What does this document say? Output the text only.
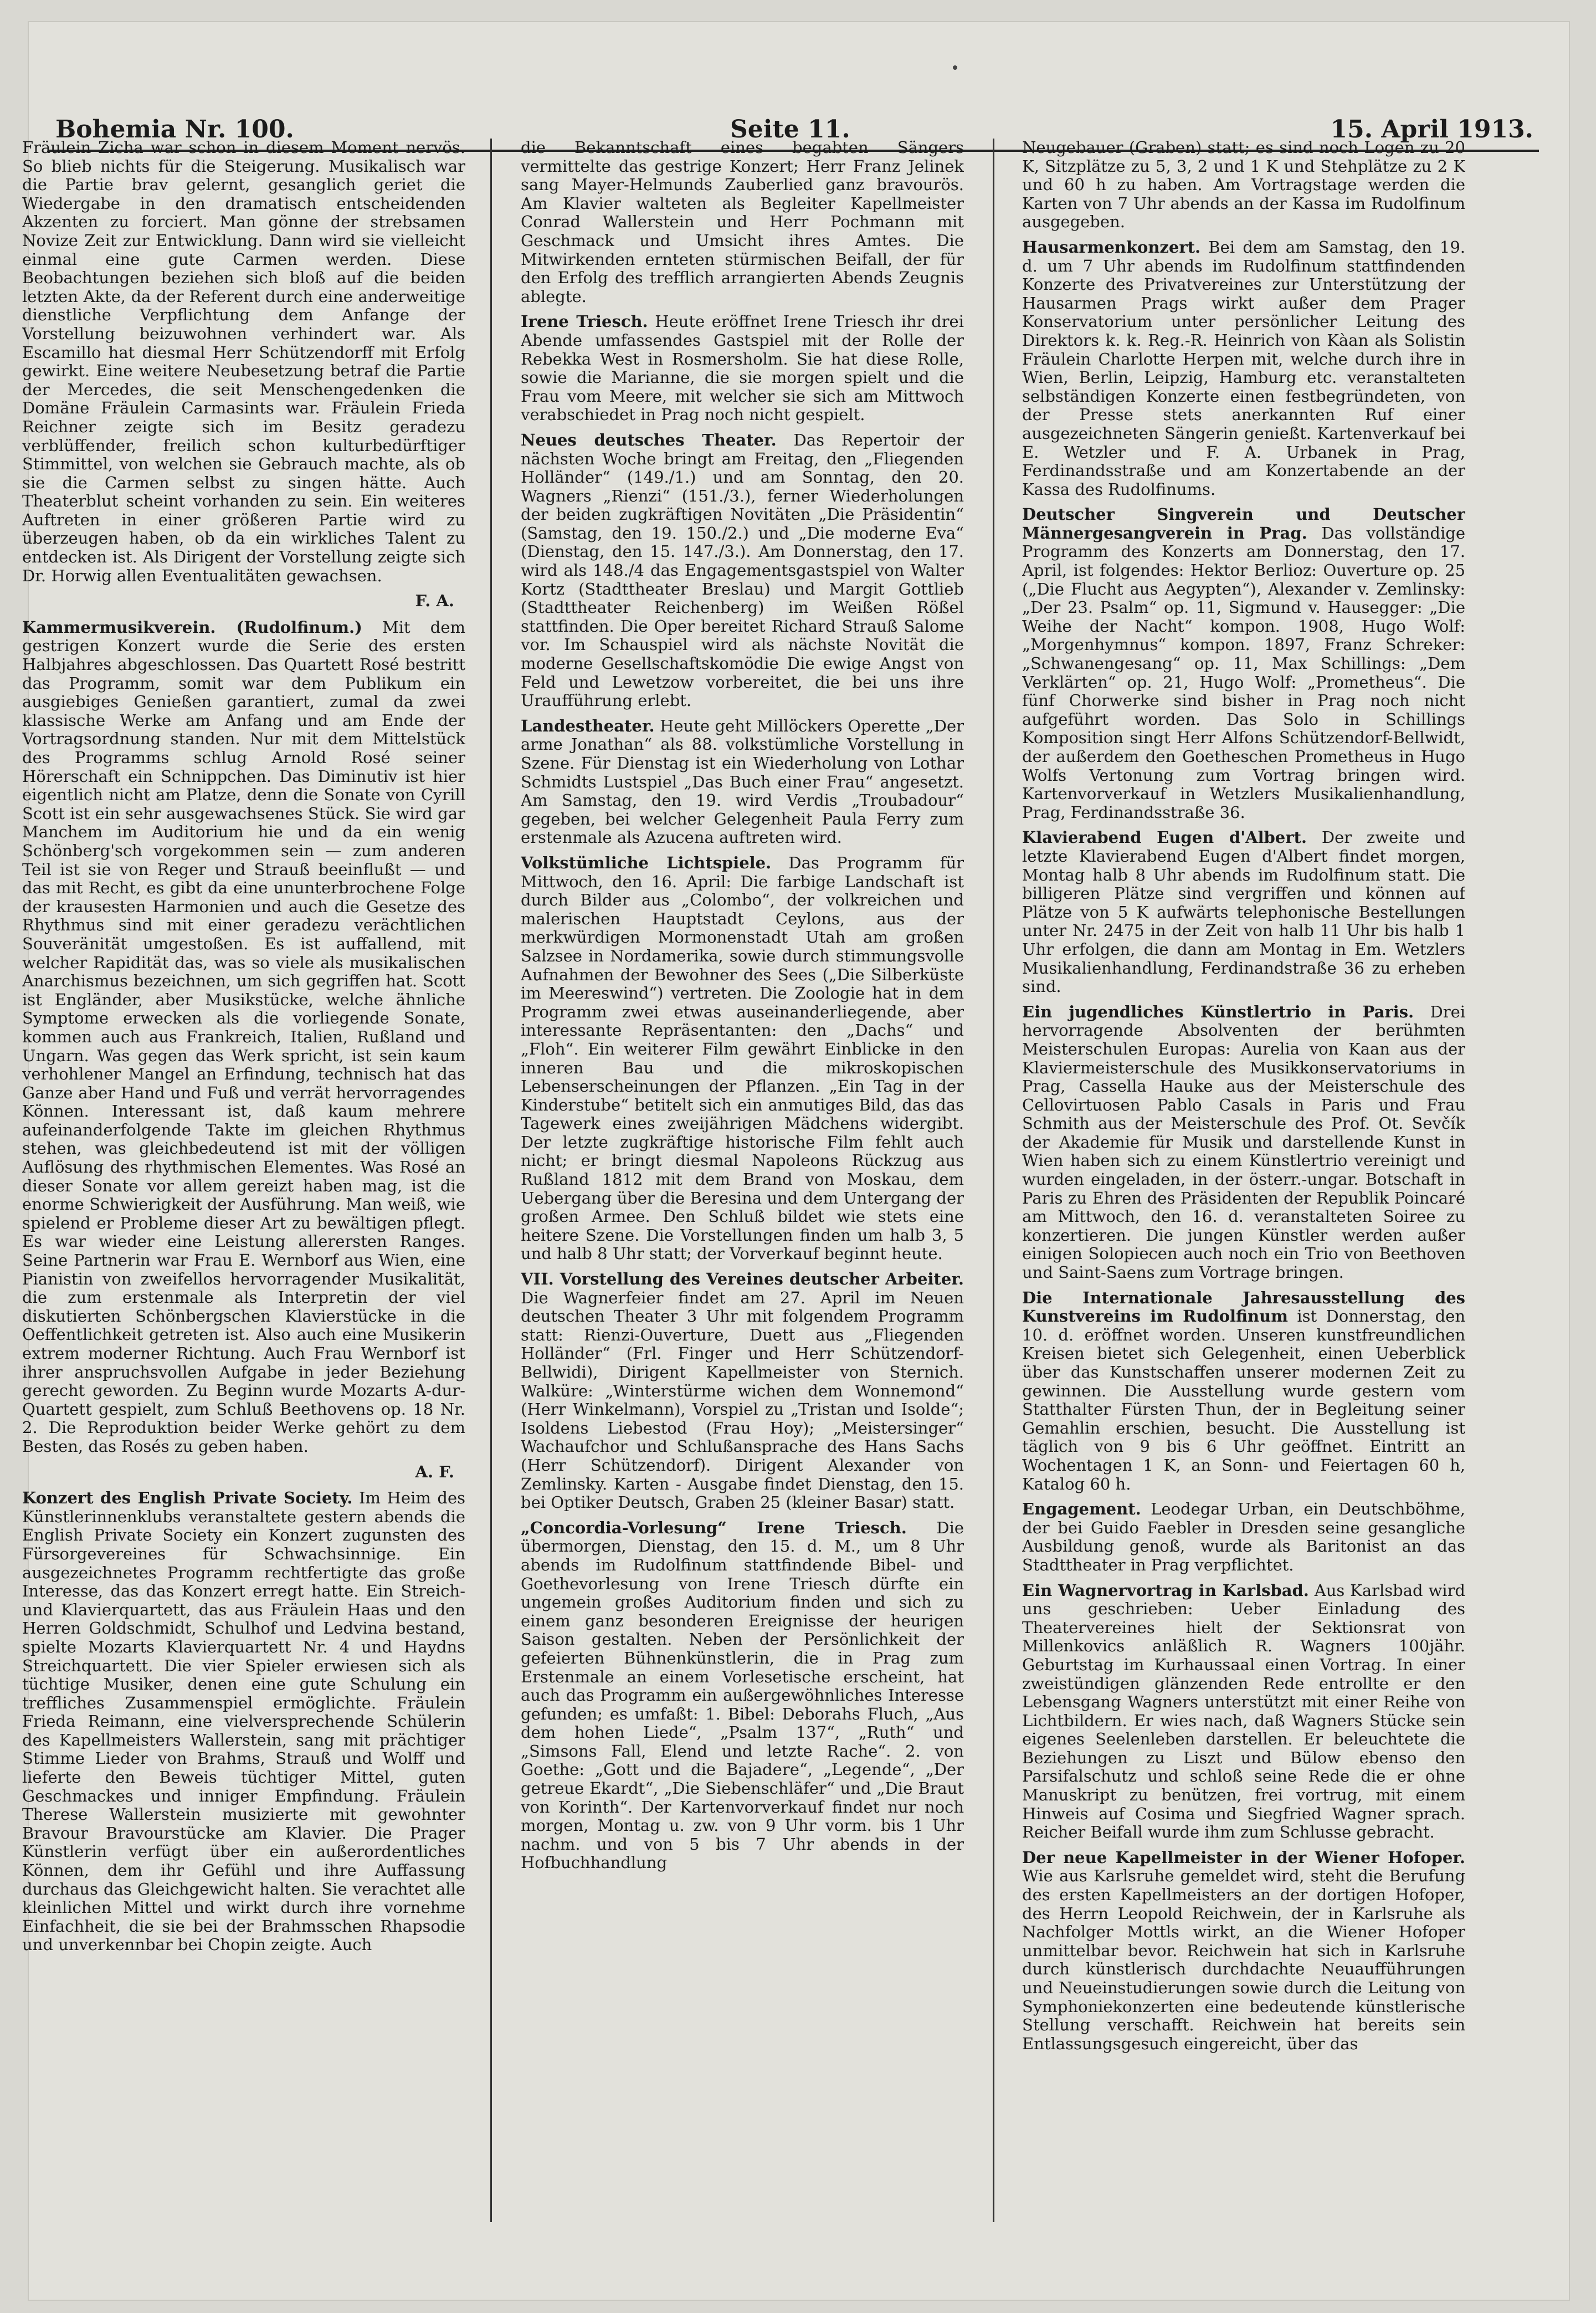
Bohemia Nr. 100.	Seite 11.	15. April 1913.

Fräulein Zicha war schon in diesem Moment nervös. So blieb nichts für die Steigerung. Musikalisch war die Partie brav gelernt, gesanglich geriet die Wiedergabe in den dramatisch entscheidenden Akzenten zu forciert. Man gönne der strebsamen Novize Zeit zur Entwicklung. Dann wird sie vielleicht einmal eine gute Carmen werden. Diese Beobachtungen beziehen sich bloß auf die beiden letzten Akte, da der Referent durch eine anderweitige dienstliche Verpflichtung dem Anfange der Vorstellung beizuwohnen verhindert war. Als Escamillo hat diesmal Herr Schützendorff mit Erfolg gewirkt. Eine weitere Neubesetzung betraf die Partie der Mercedes, die seit Menschengedenken die Domäne Fräulein Carmasints war. Fräulein Frieda Reichner zeigte sich im Besitz geradezu verblüffender, freilich schon kulturbedürftiger Stimmittel, von welchen sie Gebrauch machte, als ob sie die Carmen selbst zu singen hätte. Auch Theaterblut scheint vorhanden zu sein. Ein weiteres Auftreten in einer größeren Partie wird zu überzeugen haben, ob da ein wirkliches Talent zu entdecken ist. Als Dirigent der Vorstellung zeigte sich Dr. Horwig allen Eventualitäten gewachsen.

F. A.

Kammermusikverein. (Rudolfinum.) Mit dem gestrigen Konzert wurde die Serie des ersten Halbjahres abgeschlossen. Das Quartett Rosé bestritt das Programm, somit war dem Publikum ein ausgiebiges Genießen garantiert, zumal da zwei klassische Werke am Anfang und am Ende der Vortragsordnung standen. Nur mit dem Mittelstück des Programms schlug Arnold Rosé seiner Hörerschaft ein Schnippchen. Das Diminutiv ist hier eigentlich nicht am Platze, denn die Sonate von Cyrill Scott ist ein sehr ausgewachsenes Stück. Sie wird gar Manchem im Auditorium hie und da ein wenig Schönberg'sch vorgekommen sein — zum anderen Teil ist sie von Reger und Strauß beeinflußt — und das mit Recht, es gibt da eine ununterbrochene Folge der krausesten Harmonien und auch die Gesetze des Rhythmus sind mit einer geradezu verächtlichen Souveränität umgestoßen. Es ist auffallend, mit welcher Rapidität das, was so viele als musikalischen Anarchismus bezeichnen, um sich gegriffen hat. Scott ist Engländer, aber Musikstücke, welche ähnliche Symptome erwecken als die vorliegende Sonate, kommen auch aus Frankreich, Italien, Rußland und Ungarn. Was gegen das Werk spricht, ist sein kaum verhohlener Mangel an Erfindung, technisch hat das Ganze aber Hand und Fuß und verrät hervorragendes Können. Interessant ist, daß kaum mehrere aufeinanderfolgende Takte im gleichen Rhythmus stehen, was gleichbedeutend ist mit der völligen Auflösung des rhythmischen Elementes. Was Rosé an dieser Sonate vor allem gereizt haben mag, ist die enorme Schwierigkeit der Ausführung. Man weiß, wie spielend er Probleme dieser Art zu bewältigen pflegt. Es war wieder eine Leistung allerersten Ranges. Seine Partnerin war Frau E. Wernborf aus Wien, eine Pianistin von zweifellos hervorragender Musikalität, die zum erstenmale als Interpretin der viel diskutierten Schönbergschen Klavierstücke in die Oeffentlichkeit getreten ist. Also auch eine Musikerin extrem moderner Richtung. Auch Frau Wernborf ist ihrer anspruchsvollen Aufgabe in jeder Beziehung gerecht geworden. Zu Beginn wurde Mozarts A-dur-Quartett gespielt, zum Schluß Beethovens op. 18 Nr. 2. Die Reproduktion beider Werke gehört zu dem Besten, das Rosés zu geben haben.

A. F.

Konzert des English Private Society. Im Heim des Künstlerinnenklubs veranstaltete gestern abends die English Private Society ein Konzert zugunsten des Fürsorgevereines für Schwachsinnige. Ein ausgezeichnetes Programm rechtfertigte das große Interesse, das das Konzert erregt hatte. Ein Streich- und Klavierquartett, das aus Fräulein Haas und den Herren Goldschmidt, Schulhof und Ledvina bestand, spielte Mozarts Klavierquartett Nr. 4 und Haydns Streichquartett. Die vier Spieler erwiesen sich als tüchtige Musiker, denen eine gute Schulung ein treffliches Zusammenspiel ermöglichte. Fräulein Frieda Reimann, eine vielversprechende Schülerin des Kapellmeisters Wallerstein, sang mit prächtiger Stimme Lieder von Brahms, Strauß und Wolff und lieferte den Beweis tüchtiger Mittel, guten Geschmackes und inniger Empfindung. Fräulein Therese Wallerstein musizierte mit gewohnter Bravour Bravourstücke am Klavier. Die Prager Künstlerin verfügt über ein außerordentliches Können, dem ihr Gefühl und ihre Auffassung durchaus das Gleichgewicht halten. Sie verachtet alle kleinlichen Mittel und wirkt durch ihre vornehme Einfachheit, die sie bei der Brahmsschen Rhapsodie und unverkennbar bei Chopin zeigte. Auch

die Bekanntschaft eines begabten Sängers vermittelte das gestrige Konzert; Herr Franz Jelinek sang Mayer-Helmunds Zauberlied ganz bravourös. Am Klavier walteten als Begleiter Kapellmeister Conrad Wallerstein und Herr Pochmann mit Geschmack und Umsicht ihres Amtes. Die Mitwirkenden ernteten stürmischen Beifall, der für den Erfolg des trefflich arrangierten Abends Zeugnis ablegte.

Irene Triesch. Heute eröffnet Irene Triesch ihr drei Abende umfassendes Gastspiel mit der Rolle der Rebekka West in Rosmersholm. Sie hat diese Rolle, sowie die Marianne, die sie morgen spielt und die Frau vom Meere, mit welcher sie sich am Mittwoch verabschiedet in Prag noch nicht gespielt.

Neues deutsches Theater. Das Repertoir der nächsten Woche bringt am Freitag, den „Fliegenden Holländer“ (149./1.) und am Sonntag, den 20. Wagners „Rienzi“ (151./3.), ferner Wiederholungen der beiden zugkräftigen Novitäten „Die Präsidentin“ (Samstag, den 19. 150./2.) und „Die moderne Eva“ (Dienstag, den 15. 147./3.). Am Donnerstag, den 17. wird als 148./4 das Engagementsgastspiel von Walter Kortz (Stadttheater Breslau) und Margit Gottlieb (Stadttheater Reichenberg) im Weißen Rößel stattfinden. Die Oper bereitet Richard Strauß Salome vor. Im Schauspiel wird als nächste Novität die moderne Gesellschaftskomödie Die ewige Angst von Feld und Lewetzow vorbereitet, die bei uns ihre Uraufführung erlebt.

Landestheater. Heute geht Millöckers Operette „Der arme Jonathan“ als 88. volkstümliche Vorstellung in Szene. Für Dienstag ist ein Wiederholung von Lothar Schmidts Lustspiel „Das Buch einer Frau“ angesetzt. Am Samstag, den 19. wird Verdis „Troubadour“ gegeben, bei welcher Gelegenheit Paula Ferry zum erstenmale als Azucena auftreten wird.

Volkstümliche Lichtspiele. Das Programm für Mittwoch, den 16. April: Die farbige Landschaft ist durch Bilder aus „Colombo“, der volkreichen und malerischen Hauptstadt Ceylons, aus der merkwürdigen Mormonenstadt Utah am großen Salzsee in Nordamerika, sowie durch stimmungsvolle Aufnahmen der Bewohner des Sees („Die Silberküste im Meereswind“) vertreten. Die Zoologie hat in dem Programm zwei etwas auseinanderliegende, aber interessante Repräsentanten: den „Dachs“ und „Floh“. Ein weiterer Film gewährt Einblicke in den inneren Bau und die mikroskopischen Lebenserscheinungen der Pflanzen. „Ein Tag in der Kinderstube“ betitelt sich ein anmutiges Bild, das das Tagewerk eines zweijährigen Mädchens widergibt. Der letzte zugkräftige historische Film fehlt auch nicht; er bringt diesmal Napoleons Rückzug aus Rußland 1812 mit dem Brand von Moskau, dem Uebergang über die Beresina und dem Untergang der großen Armee. Den Schluß bildet wie stets eine heitere Szene. Die Vorstellungen finden um halb 3, 5 und halb 8 Uhr statt; der Vorverkauf beginnt heute.

VII. Vorstellung des Vereines deutscher Arbeiter. Die Wagnerfeier findet am 27. April im Neuen deutschen Theater 3 Uhr mit folgendem Programm statt: Rienzi-Ouverture, Duett aus „Fliegenden Holländer“ (Frl. Finger und Herr Schützendorf-Bellwidi), Dirigent Kapellmeister von Sternich. Walküre: „Winterstürme wichen dem Wonnemond“ (Herr Winkelmann), Vorspiel zu „Tristan und Isolde“; Isoldens Liebestod (Frau Hoy); „Meistersinger“ Wachaufchor und Schlußansprache des Hans Sachs (Herr Schützendorf). Dirigent Alexander von Zemlinsky. Karten - Ausgabe findet Dienstag, den 15. bei Optiker Deutsch, Graben 25 (kleiner Basar) statt.

„Concordia-Vorlesung“ Irene Triesch. Die übermorgen, Dienstag, den 15. d. M., um 8 Uhr abends im Rudolfinum stattfindende Bibel- und Goethevorlesung von Irene Triesch dürfte ein ungemein großes Auditorium finden und sich zu einem ganz besonderen Ereignisse der heurigen Saison gestalten. Neben der Persönlichkeit der gefeierten Bühnenkünstlerin, die in Prag zum Erstenmale an einem Vorlesetische erscheint, hat auch das Programm ein außergewöhnliches Interesse gefunden; es umfaßt: 1. Bibel: Deborahs Fluch, „Aus dem hohen Liede“, „Psalm 137“, „Ruth“ und „Simsons Fall, Elend und letzte Rache“. 2. von Goethe: „Gott und die Bajadere“, „Legende“, „Der getreue Ekardt“, „Die Siebenschläfer“ und „Die Braut von Korinth“. Der Kartenvorverkauf findet nur noch morgen, Montag u. zw. von 9 Uhr vorm. bis 1 Uhr nachm. und von 5 bis 7 Uhr abends in der Hofbuchhandlung

Neugebauer (Graben) statt; es sind noch Logen zu 20 K, Sitzplätze zu 5, 3, 2 und 1 K und Stehplätze zu 2 K und 60 h zu haben. Am Vortragstage werden die Karten von 7 Uhr abends an der Kassa im Rudolfinum ausgegeben.

Hausarmenkonzert. Bei dem am Samstag, den 19. d. um 7 Uhr abends im Rudolfinum stattfindenden Konzerte des Privatvereines zur Unterstützung der Hausarmen Prags wirkt außer dem Prager Konservatorium unter persönlicher Leitung des Direktors k. k. Reg.-R. Heinrich von Kàan als Solistin Fräulein Charlotte Herpen mit, welche durch ihre in Wien, Berlin, Leipzig, Hamburg etc. veranstalteten selbständigen Konzerte einen festbegründeten, von der Presse stets anerkannten Ruf einer ausgezeichneten Sängerin genießt. Kartenverkauf bei E. Wetzler und F. A. Urbanek in Prag, Ferdinandsstraße und am Konzertabende an der Kassa des Rudolfinums.

Deutscher Singverein und Deutscher Männergesangverein in Prag. Das vollständige Programm des Konzerts am Donnerstag, den 17. April, ist folgendes: Hektor Berlioz: Ouverture op. 25 („Die Flucht aus Aegypten“), Alexander v. Zemlinsky: „Der 23. Psalm“ op. 11, Sigmund v. Hausegger: „Die Weihe der Nacht“ kompon. 1908, Hugo Wolf: „Morgenhymnus“ kompon. 1897, Franz Schreker: „Schwanengesang“ op. 11, Max Schillings: „Dem Verklärten“ op. 21, Hugo Wolf: „Prometheus“. Die fünf Chorwerke sind bisher in Prag noch nicht aufgeführt worden. Das Solo in Schillings Komposition singt Herr Alfons Schützendorf-Bellwidt, der außerdem den Goetheschen Prometheus in Hugo Wolfs Vertonung zum Vortrag bringen wird. Kartenvorverkauf in Wetzlers Musikalienhandlung, Prag, Ferdinandsstraße 36.

Klavierabend Eugen d'Albert. Der zweite und letzte Klavierabend Eugen d'Albert findet morgen, Montag halb 8 Uhr abends im Rudolfinum statt. Die billigeren Plätze sind vergriffen und können auf Plätze von 5 K aufwärts telephonische Bestellungen unter Nr. 2475 in der Zeit von halb 11 Uhr bis halb 1 Uhr erfolgen, die dann am Montag in Em. Wetzlers Musikalienhandlung, Ferdinandstraße 36 zu erheben sind.

Ein jugendliches Künstlertrio in Paris. Drei hervorragende Absolventen der berühmten Meisterschulen Europas: Aurelia von Kaan aus der Klaviermeisterschule des Musikkonservatoriums in Prag, Cassella Hauke aus der Meisterschule des Cellovirtuosen Pablo Casals in Paris und Frau Schmith aus der Meisterschule des Prof. Ot. Sevčík der Akademie für Musik und darstellende Kunst in Wien haben sich zu einem Künstlertrio vereinigt und wurden eingeladen, in der österr.-ungar. Botschaft in Paris zu Ehren des Präsidenten der Republik Poincaré am Mittwoch, den 16. d. veranstalteten Soiree zu konzertieren. Die jungen Künstler werden außer einigen Solopiecen auch noch ein Trio von Beethoven und Saint-Saens zum Vortrage bringen.

Die Internationale Jahresausstellung des Kunstvereins im Rudolfinum ist Donnerstag, den 10. d. eröffnet worden. Unseren kunstfreundlichen Kreisen bietet sich Gelegenheit, einen Ueberblick über das Kunstschaffen unserer modernen Zeit zu gewinnen. Die Ausstellung wurde gestern vom Statthalter Fürsten Thun, der in Begleitung seiner Gemahlin erschien, besucht. Die Ausstellung ist täglich von 9 bis 6 Uhr geöffnet. Eintritt an Wochentagen 1 K, an Sonn- und Feiertagen 60 h, Katalog 60 h.

Engagement. Leodegar Urban, ein Deutschböhme, der bei Guido Faebler in Dresden seine gesangliche Ausbildung genoß, wurde als Baritonist an das Stadttheater in Prag verpflichtet.

Ein Wagnervortrag in Karlsbad. Aus Karlsbad wird uns geschrieben: Ueber Einladung des Theatervereines hielt der Sektionsrat von Millenkovics anläßlich R. Wagners 100jähr. Geburtstag im Kurhaussaal einen Vortrag. In einer zweistündigen glänzenden Rede entrollte er den Lebensgang Wagners unterstützt mit einer Reihe von Lichtbildern. Er wies nach, daß Wagners Stücke sein eigenes Seelenleben darstellen. Er beleuchtete die Beziehungen zu Liszt und Bülow ebenso den Parsifalschutz und schloß seine Rede die er ohne Manuskript zu benützen, frei vortrug, mit einem Hinweis auf Cosima und Siegfried Wagner sprach. Reicher Beifall wurde ihm zum Schlusse gebracht.

Der neue Kapellmeister in der Wiener Hofoper. Wie aus Karlsruhe gemeldet wird, steht die Berufung des ersten Kapellmeisters an der dortigen Hofoper, des Herrn Leopold Reichwein, der in Karlsruhe als Nachfolger Mottls wirkt, an die Wiener Hofoper unmittelbar bevor. Reichwein hat sich in Karlsruhe durch künstlerisch durchdachte Neuaufführungen und Neueinstudierungen sowie durch die Leitung von Symphoniekonzerten eine bedeutende künstlerische Stellung verschafft. Reichwein hat bereits sein Entlassungsgesuch eingereicht, über das
